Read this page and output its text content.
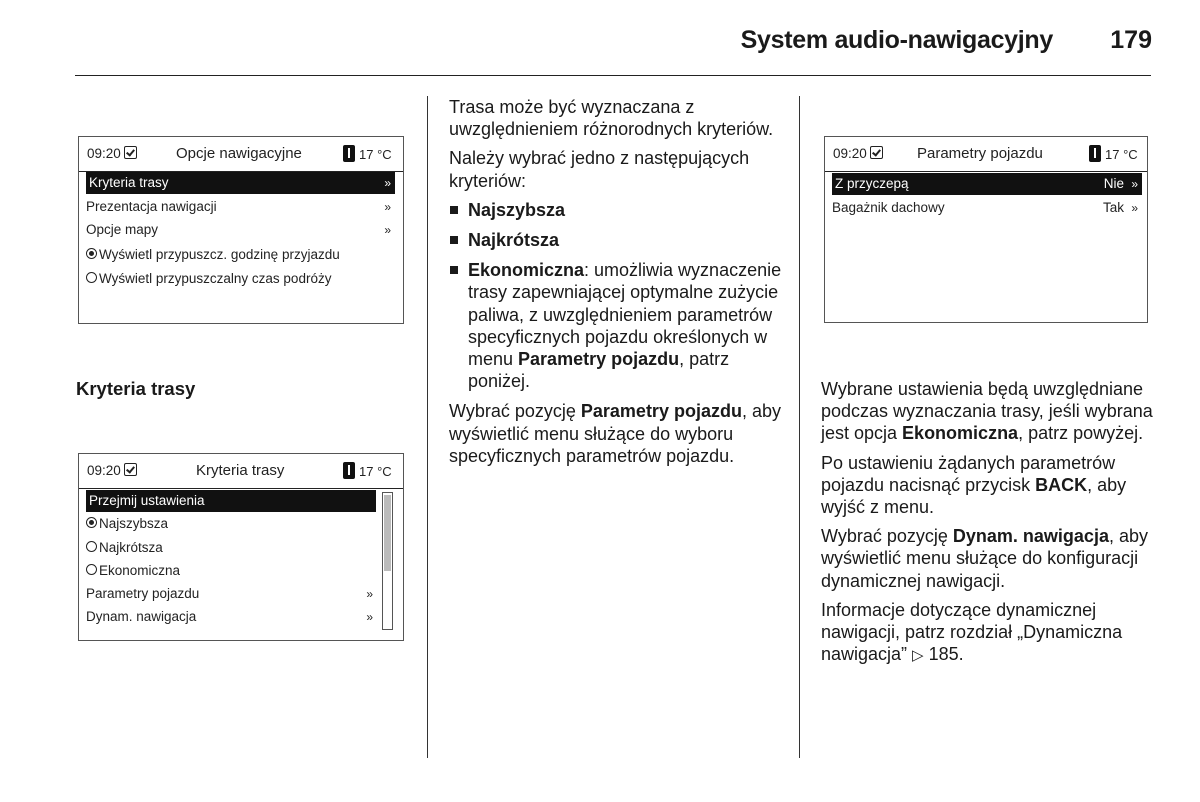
System audio-nawigacyjny 179
09:20	Opcje nawigacyjne	17 °C
Kryteria trasy	»
Prezentacja nawigacji	»
Opcje mapy	»
Wyświetl przypuszcz. godzinę przyjazdu
Wyświetl przypuszczalny czas podróży
Kryteria trasy
09:20	Kryteria trasy	17 °C
Przejmij ustawienia
Najszybsza
Najkrótsza
Ekonomiczna
Parametry pojazdu	»
Dynam. nawigacja	»

Trasa może być wyznaczana z uwzględnieniem różnorodnych kryteriów.

Należy wybrać jedno z następujących kryteriów:

Najszybsza
Najkrótsza
Ekonomiczna: umożliwia wyznaczenie trasy zapewniającej optymalne zużycie paliwa, z uwzględnieniem parametrów specyficznych pojazdu określonych w menu Parametry pojazdu, patrz poniżej.

Wybrać pozycję Parametry pojazdu, aby wyświetlić menu służące do wyboru specyficznych parametrów pojazdu.

09:20	Parametry pojazdu	17 °C
Z przyczepą	Nie »
Bagażnik dachowy	Tak »

Wybrane ustawienia będą uwzględniane podczas wyznaczania trasy, jeśli wybrana jest opcja Ekonomiczna, patrz powyżej.

Po ustawieniu żądanych parametrów pojazdu nacisnąć przycisk BACK, aby wyjść z menu.

Wybrać pozycję Dynam. nawigacja, aby wyświetlić menu służące do konfiguracji dynamicznej nawigacji.

Informacje dotyczące dynamicznej nawigacji, patrz rozdział „Dynamiczna nawigacja” ▷ 185.
